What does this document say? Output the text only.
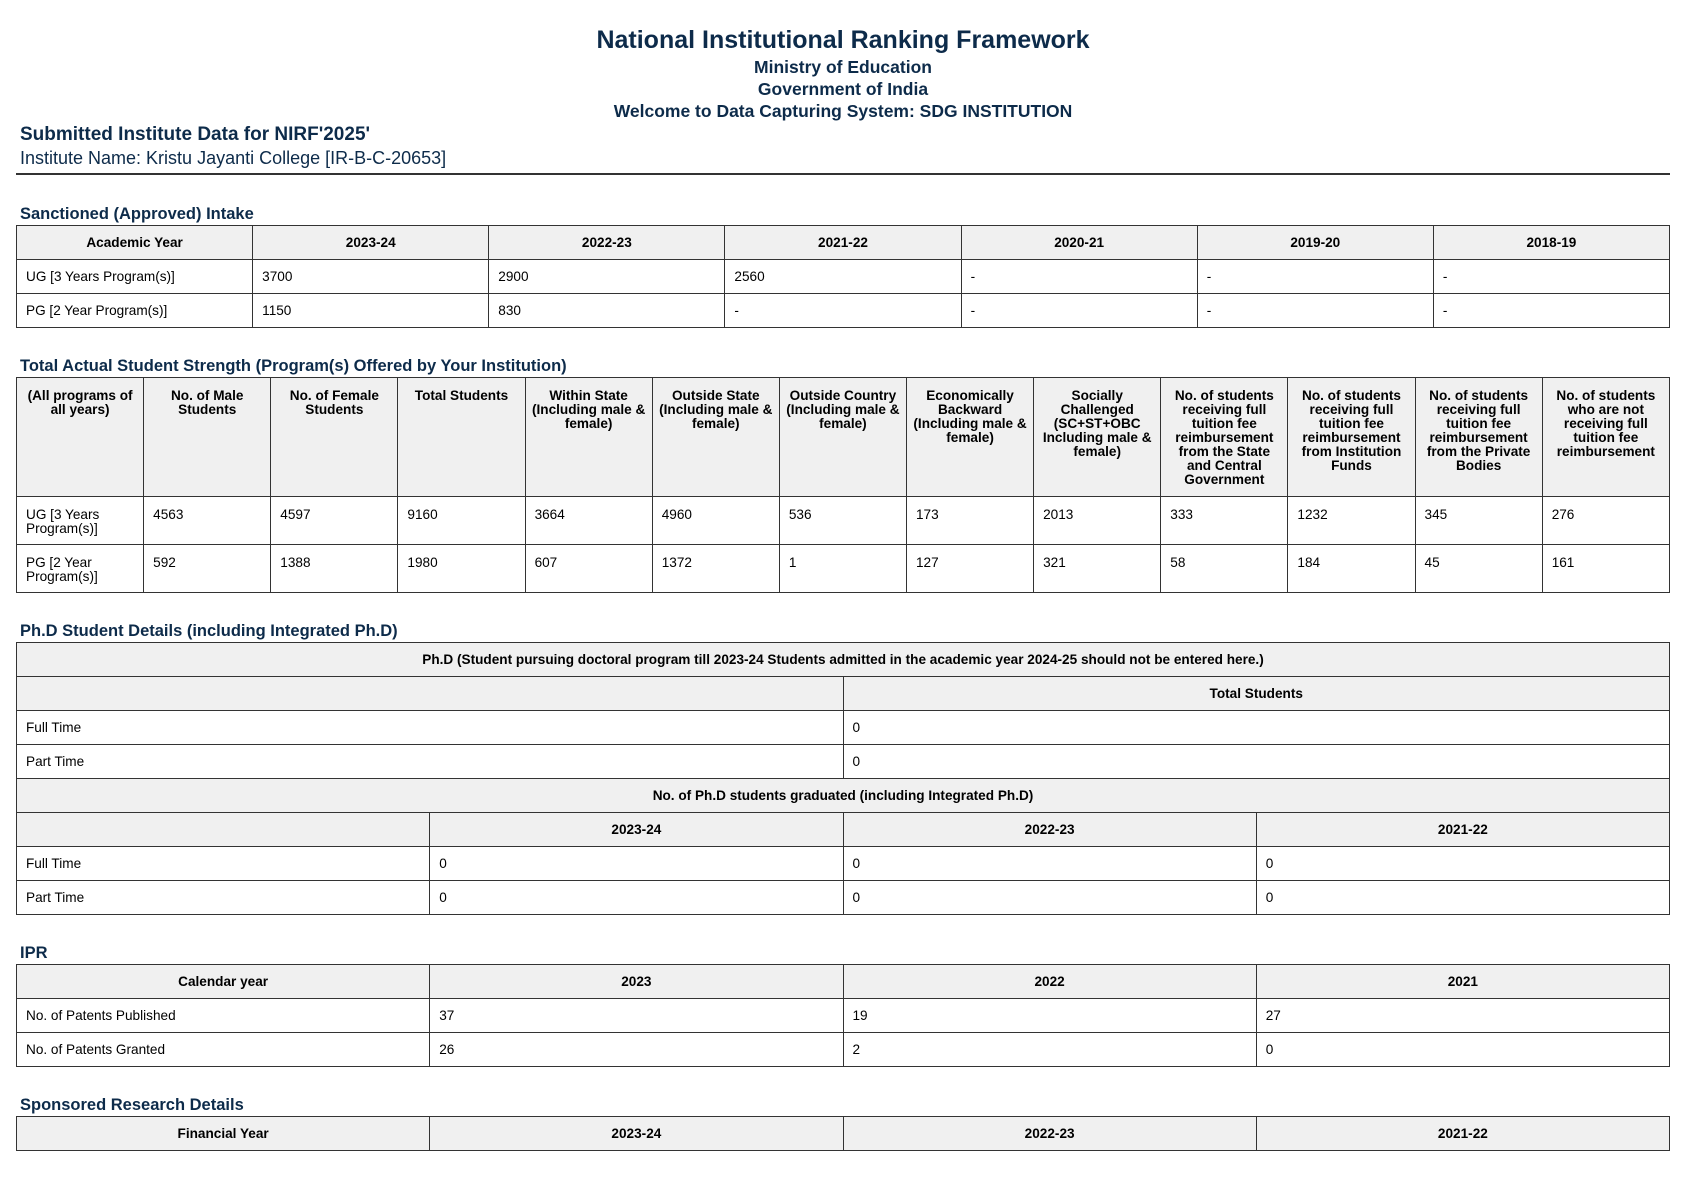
National Institutional Ranking Framework
Ministry of Education
Government of India
Welcome to Data Capturing System: SDG INSTITUTION
Submitted Institute Data for NIRF'2025'
Institute Name: Kristu Jayanti College [IR-B-C-20653]
Sanctioned (Approved) Intake
Academic Year	2023-24	2022-23	2021-22	2020-21	2019-20	2018-19
UG [3 Years Program(s)]	3700	2900	2560	-	-	-
PG [2 Year Program(s)]	1150	830	-	-	-	-
Total Actual Student Strength (Program(s) Offered by Your Institution)
(All programs of all years)	No. of Male Students	No. of Female Students	Total Students	Within State (Including male & female)	Outside State (Including male & female)	Outside Country (Including male & female)	Economically Backward (Including male & female)	Socially Challenged (SC+ST+OBC Including male & female)	No. of students receiving full tuition fee reimbursement from the State and Central Government	No. of students receiving full tuition fee reimbursement from Institution Funds	No. of students receiving full tuition fee reimbursement from the Private Bodies	No. of students who are not receiving full tuition fee reimbursement
UG [3 Years Program(s)]	4563	4597	9160	3664	4960	536	173	2013	333	1232	345	276
PG [2 Year Program(s)]	592	1388	1980	607	1372	1	127	321	58	184	45	161
Ph.D Student Details (including Integrated Ph.D)
Ph.D (Student pursuing doctoral program till 2023-24 Students admitted in the academic year 2024-25 should not be entered here.)			
		Total Students	
Full Time		0	
Part Time		0	
No. of Ph.D students graduated (including Integrated Ph.D)			
	2023-24	2022-23	2021-22
Full Time	0	0	0
Part Time	0	0	0
IPR
Calendar year	2023	2022	2021
No. of Patents Published	37	19	27
No. of Patents Granted	26	2	0
Sponsored Research Details
Financial Year	2023-24	2022-23	2021-22
